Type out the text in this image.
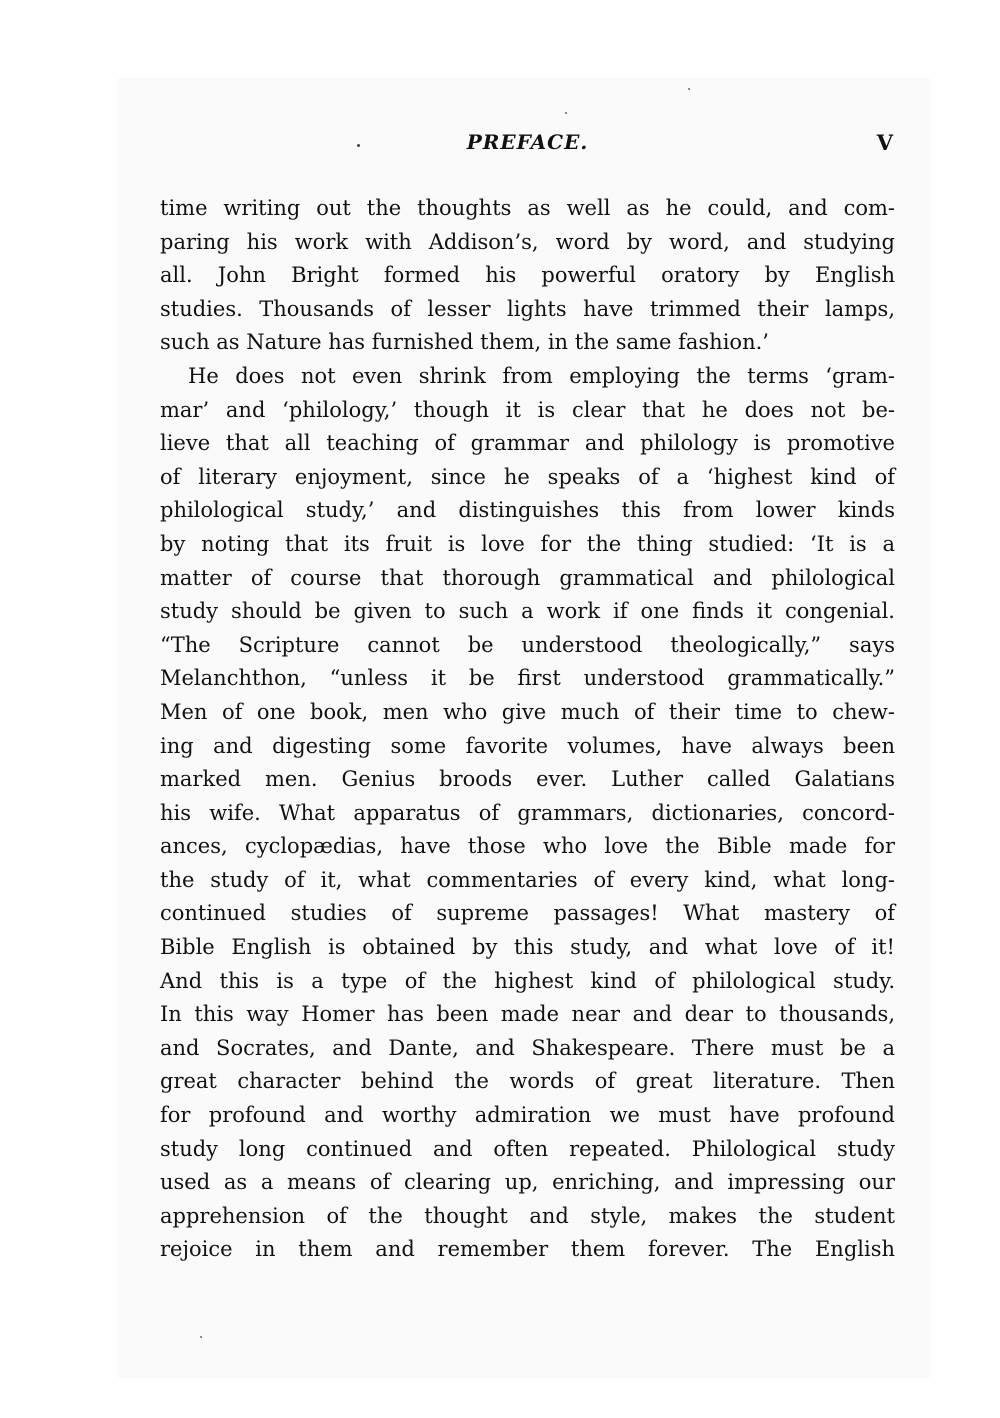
PREFACE.	V
time writing out the thoughts as well as he could, and com-
paring his work with Addison’s, word by word, and studying
all. John Bright formed his powerful oratory by English
studies. Thousands of lesser lights have trimmed their lamps,
such as Nature has furnished them, in the same fashion.’
He does not even shrink from employing the terms ‘gram-
mar’ and ‘philology,’ though it is clear that he does not be-
lieve that all teaching of grammar and philology is promotive
of literary enjoyment, since he speaks of a ‘highest kind of
philological study,’ and distinguishes this from lower kinds
by noting that its fruit is love for the thing studied: ‘It is a
matter of course that thorough grammatical and philological
study should be given to such a work if one finds it congenial.
“The Scripture cannot be understood theologically,” says
Melanchthon, “unless it be first understood grammatically.”
Men of one book, men who give much of their time to chew-
ing and digesting some favorite volumes, have always been
marked men. Genius broods ever. Luther called Galatians
his wife. What apparatus of grammars, dictionaries, concord-
ances, cyclopædias, have those who love the Bible made for
the study of it, what commentaries of every kind, what long-
continued studies of supreme passages! What mastery of
Bible English is obtained by this study, and what love of it!
And this is a type of the highest kind of philological study.
In this way Homer has been made near and dear to thousands,
and Socrates, and Dante, and Shakespeare. There must be a
great character behind the words of great literature. Then
for profound and worthy admiration we must have profound
study long continued and often repeated. Philological study
used as a means of clearing up, enriching, and impressing our
apprehension of the thought and style, makes the student
rejoice in them and remember them forever. The English
